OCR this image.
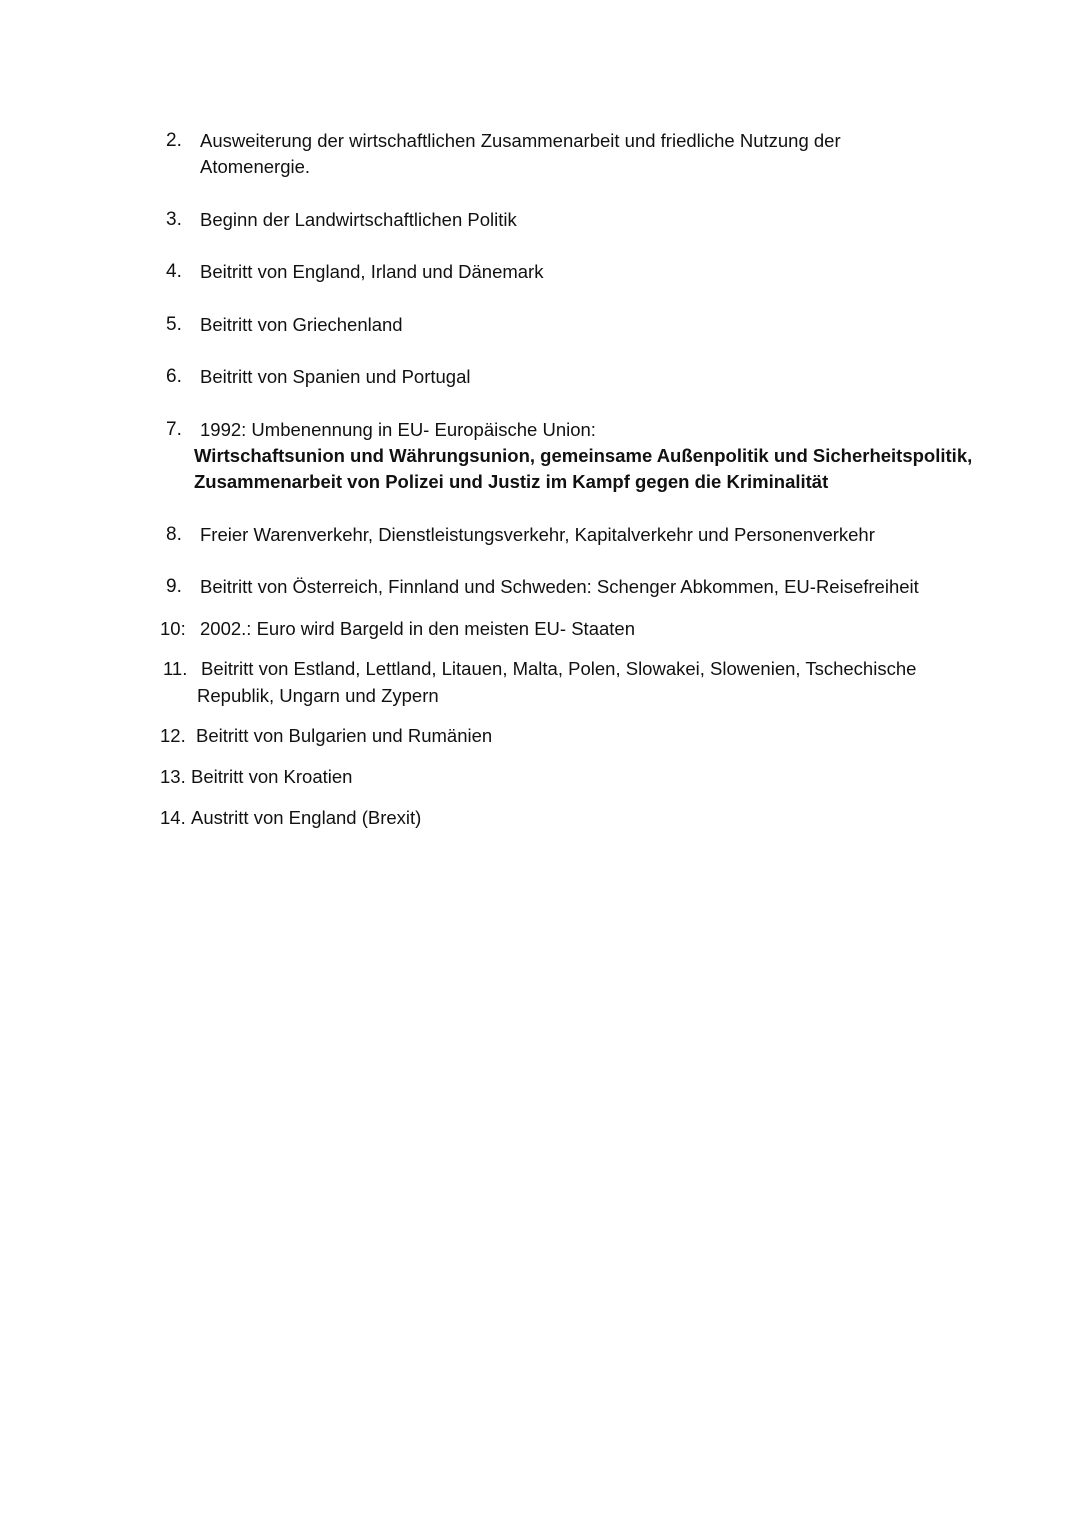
2. Ausweiterung der wirtschaftlichen Zusammenarbeit und friedliche Nutzung der
Atomenergie.
3. Beginn der Landwirtschaftlichen Politik
4. Beitritt von England, Irland und Dänemark
5. Beitritt von Griechenland
6. Beitritt von Spanien und Portugal
7. 1992: Umbenennung in EU- Europäische Union:
Wirtschaftsunion und Währungsunion, gemeinsame Außenpolitik und Sicherheitspolitik,
Zusammenarbeit von Polizei und Justiz im Kampf gegen die Kriminalität
8. Freier Warenverkehr, Dienstleistungsverkehr, Kapitalverkehr und Personenverkehr
9. Beitritt von Österreich, Finnland und Schweden: Schenger Abkommen, EU-Reisefreiheit
10: 2002.: Euro wird Bargeld in den meisten EU- Staaten
11. Beitritt von Estland, Lettland, Litauen, Malta, Polen, Slowakei, Slowenien, Tschechische
Republik, Ungarn und Zypern
12. Beitritt von Bulgarien und Rumänien
13. Beitritt von Kroatien
14. Austritt von England (Brexit)
